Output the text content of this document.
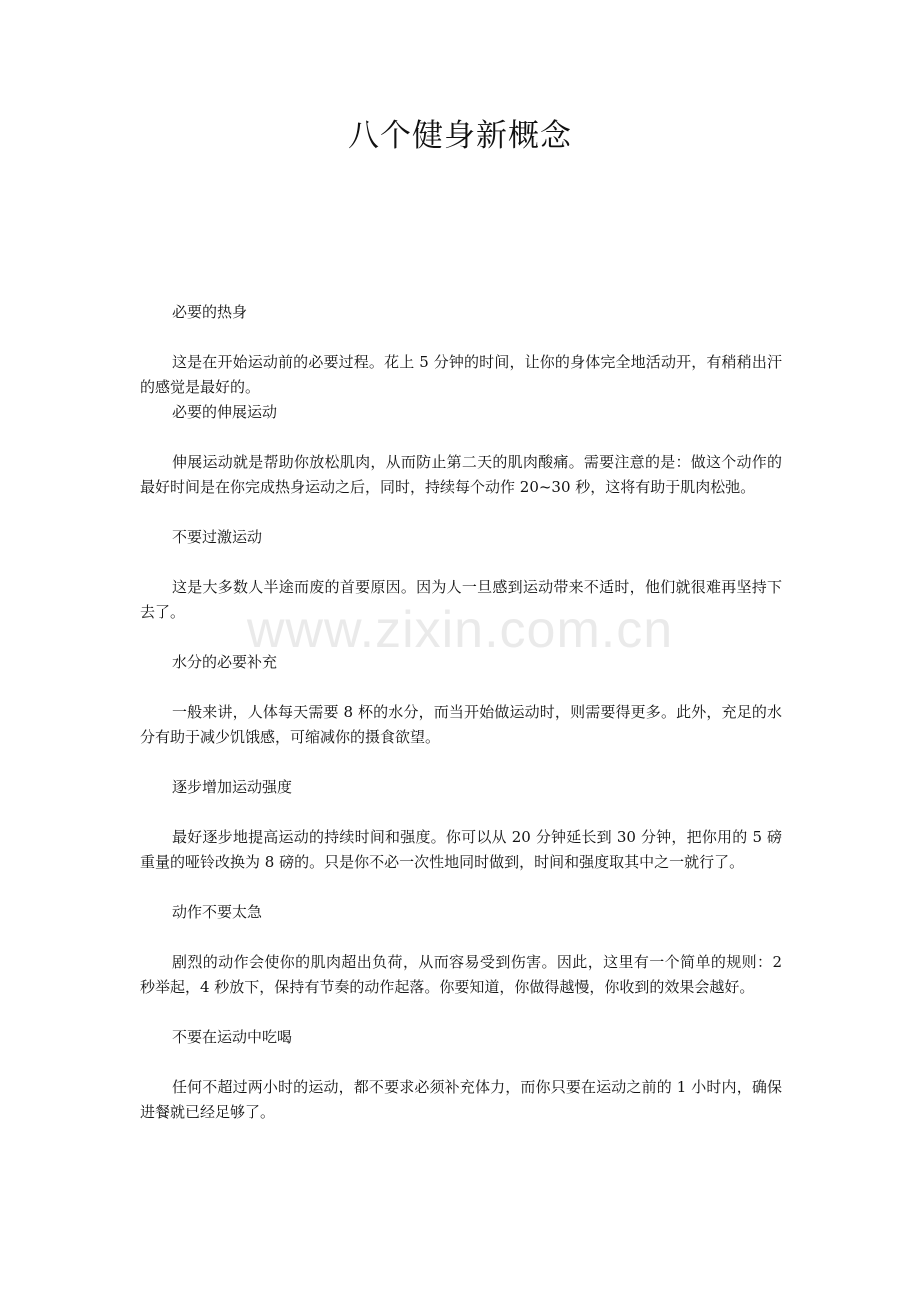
八个健身新概念
www.zixin.com.cn

必要的热身

这是在开始运动前的必要过程。花上 5 分钟的时间，让你的身体完全地活动开，有稍稍出汗的感觉是最好的。

必要的伸展运动

伸展运动就是帮助你放松肌肉，从而防止第二天的肌肉酸痛。需要注意的是：做这个动作的最好时间是在你完成热身运动之后，同时，持续每个动作 20~30 秒，这将有助于肌肉松弛。

不要过激运动

这是大多数人半途而废的首要原因。因为人一旦感到运动带来不适时，他们就很难再坚持下去了。

水分的必要补充

一般来讲，人体每天需要 8 杯的水分，而当开始做运动时，则需要得更多。此外，充足的水分有助于减少饥饿感，可缩减你的摄食欲望。

逐步增加运动强度

最好逐步地提高运动的持续时间和强度。你可以从 20 分钟延长到 30 分钟，把你用的 5 磅重量的哑铃改换为 8 磅的。只是你不必一次性地同时做到，时间和强度取其中之一就行了。

动作不要太急

剧烈的动作会使你的肌肉超出负荷，从而容易受到伤害。因此，这里有一个简单的规则：2 秒举起，4 秒放下，保持有节奏的动作起落。你要知道，你做得越慢，你收到的效果会越好。

不要在运动中吃喝

任何不超过两小时的运动，都不要求必须补充体力，而你只要在运动之前的 1 小时内，确保进餐就已经足够了。
